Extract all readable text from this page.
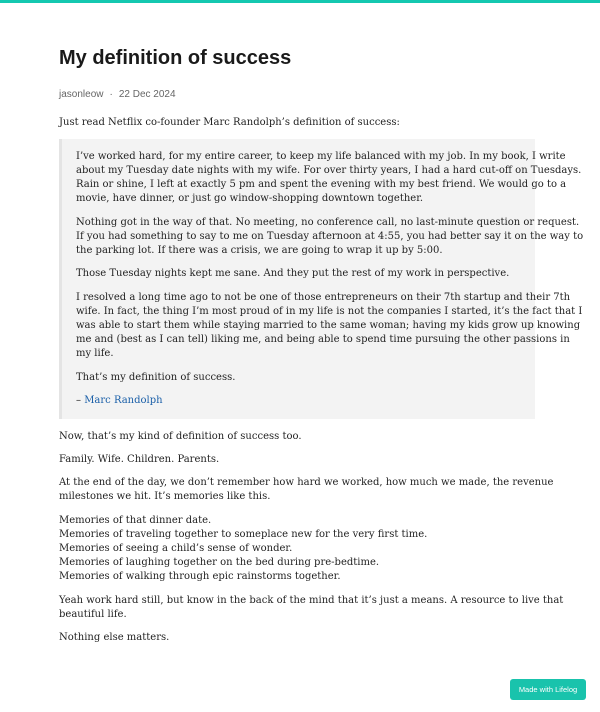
My definition of success
jasonleow · 22 Dec 2024

Just read Netflix co-founder Marc Randolph’s definition of success:

I’ve worked hard, for my entire career, to keep my life balanced with my job. In my book, I write
about my Tuesday date nights with my wife. For over thirty years, I had a hard cut-off on Tuesdays.
Rain or shine, I left at exactly 5 pm and spent the evening with my best friend. We would go to a
movie, have dinner, or just go window-shopping downtown together.

Nothing got in the way of that. No meeting, no conference call, no last-minute question or request.
If you had something to say to me on Tuesday afternoon at 4:55, you had better say it on the way to
the parking lot. If there was a crisis, we are going to wrap it up by 5:00.

Those Tuesday nights kept me sane. And they put the rest of my work in perspective.

I resolved a long time ago to not be one of those entrepreneurs on their 7th startup and their 7th
wife. In fact, the thing I’m most proud of in my life is not the companies I started, it’s the fact that I
was able to start them while staying married to the same woman; having my kids grow up knowing
me and (best as I can tell) liking me, and being able to spend time pursuing the other passions in
my life.

That’s my definition of success.

– Marc Randolph

Now, that’s my kind of definition of success too.

Family. Wife. Children. Parents.

At the end of the day, we don’t remember how hard we worked, how much we made, the revenue
milestones we hit. It’s memories like this.

Memories of that dinner date.
Memories of traveling together to someplace new for the very first time.
Memories of seeing a child’s sense of wonder.
Memories of laughing together on the bed during pre-bedtime.
Memories of walking through epic rainstorms together.

Yeah work hard still, but know in the back of the mind that it’s just a means. A resource to live that
beautiful life.

Nothing else matters.

Made with Lifelog
